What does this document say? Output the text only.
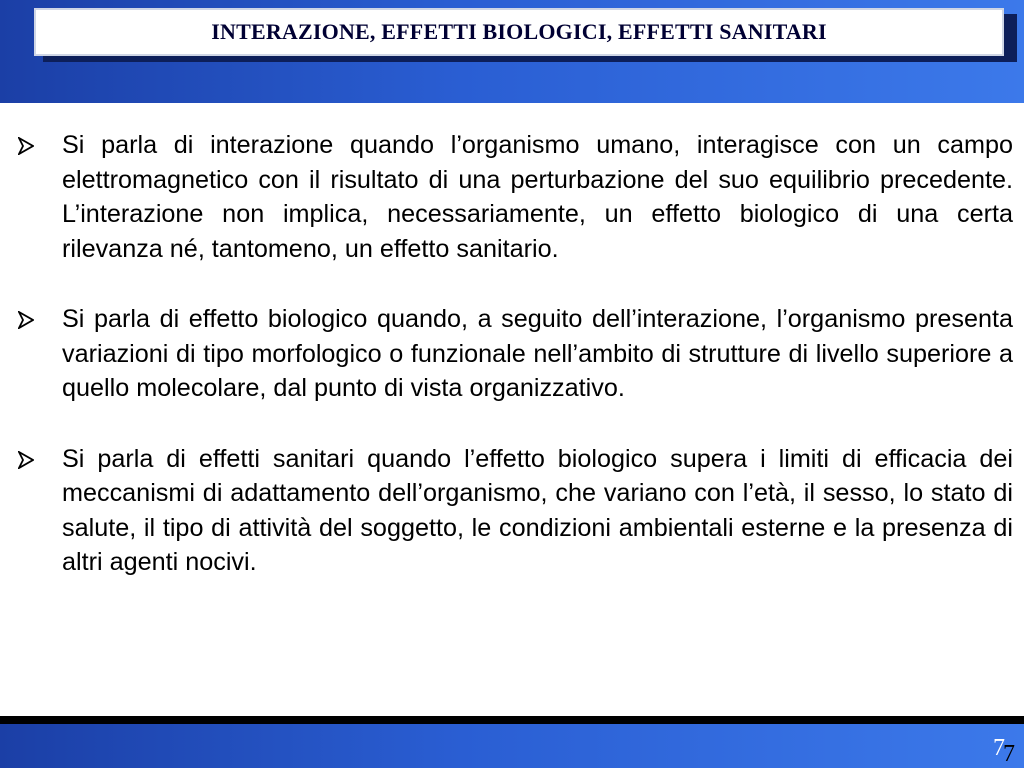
INTERAZIONE, EFFETTI BIOLOGICI, EFFETTI SANITARI
Si parla di interazione quando l’organismo umano, interagisce con un campo elettromagnetico con il risultato di una perturbazione del suo equilibrio precedente. L’interazione non implica, necessariamente, un effetto biologico di una certa rilevanza né, tantomeno, un effetto sanitario.
Si parla di effetto biologico quando, a seguito dell’interazione, l’organismo presenta variazioni di tipo morfologico o funzionale nell’ambito di strutture di livello superiore a quello molecolare, dal punto di vista organizzativo.
Si parla di effetti sanitari quando l’effetto biologico supera i limiti di efficacia dei meccanismi di adattamento dell’organismo, che variano con l’età, il sesso, lo stato di salute, il tipo di attività del soggetto, le condizioni ambientali esterne e la presenza di altri agenti nocivi.
7
7
